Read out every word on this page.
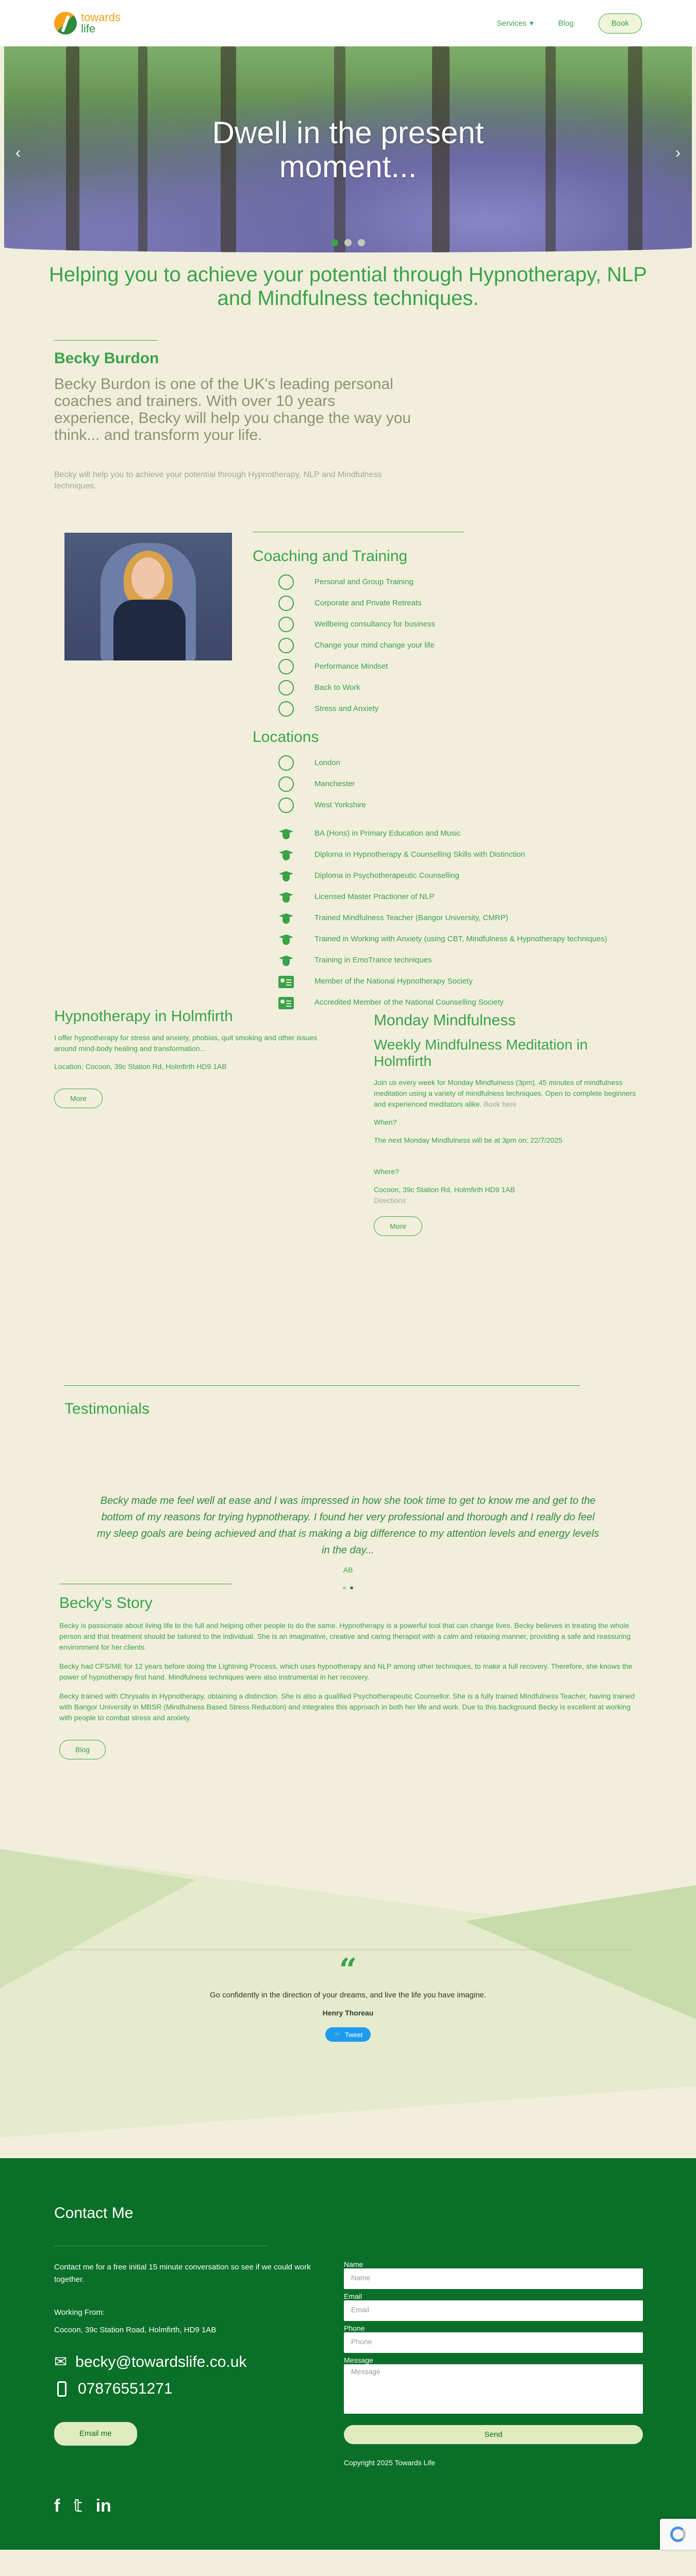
towards
life	Services ▾	Blog	Book
Dwell in the present
moment...
‹	›
Helping you to achieve your potential through Hypnotherapy, NLP and Mindfulness techniques.
Becky Burdon

Becky Burdon is one of the UK's leading personal coaches and trainers. With over 10 years experience, Becky will help you change the way you think... and transform your life.

Becky will help you to achieve your potential through Hypnotherapy, NLP and Mindfulness techniques.

Coaching and Training
Personal and Group Training
Corporate and Private Retreats
Wellbeing consultancy for business
Change your mind change your life
Performance Mindset
Back to Work
Stress and Anxiety
Locations
London
Manchester
West Yorkshire
BA (Hons) in Primary Education and Music
Diploma in Hypnotherapy & Counselling Skills with Distinction
Diploma in Psychotherapeutic Counselling
Licensed Master Practioner of NLP
Trained Mindfulness Teacher (Bangor University, CMRP)
Trained in Working with Anxiety (using CBT, Mindfulness & Hypnotherapy techniques)
Training in EmoTrance techniques
Member of the National Hypnotherapy Society
Accredited Member of the National Counselling Society
Hypnotherapy in Holmfirth

I offer hypnotherapy for stress and anxiety, phobias, quit smoking and other issues around mind-body healing and transformation...

Location: Cocoon, 39c Station Rd, Holmfirth HD9 1AB

More
Monday Mindfulness
Weekly Mindfulness Meditation in Holmfirth

Join us every week for Monday Mindfulness (3pm). 45 minutes of mindfulness meditation using a variety of mindfulness techniques. Open to complete beginners and experienced meditators alike. Book here

When?

The next Monday Mindfulness will be at 3pm on: 22/7/2025

Where?

Cocoon, 39c Station Rd, Holmfirth HD9 1AB
Directions

More
Testimonials

Becky made me feel well at ease and I was impressed in how she took time to get to know me and get to the bottom of my reasons for trying hypnotherapy. I found her very professional and thorough and I really do feel my sleep goals are being achieved and that is making a big difference to my attention levels and energy levels in the day...

AB

Becky's Story

Becky is passionate about living life to the full and helping other people to do the same. Hypnotherapy is a powerful tool that can change lives. Becky believes in treating the whole person and that treatment should be tailored to the individual. She is an imaginative, creative and caring therapist with a calm and relaxing manner, providing a safe and reassuring environment for her clients.

Becky had CFS/ME for 12 years before doing the Lightning Process, which uses hypnotherapy and NLP among other techniques, to make a full recovery. Therefore, she knows the power of hypnotherapy first hand. Mindfulness techniques were also instrumental in her recovery.

Becky trained with Chrysalis in Hypnotherapy, obtaining a distinction. She is also a qualified Psychotherapeutic Counsellor. She is a fully trained Mindfulness Teacher, having trained with Bangor University in MBSR (Mindfulness Based Stress Reduction) and integrates this approach in both her life and work. Due to this background Becky is excellent at working with people to combat stress and anxiety.

Blog
“

Go confidently in the direction of your dreams, and live the life you have imagine.

Henry Thoreau

🐦 Tweet
Contact Me

Contact me for a free initial 15 minute conversation so see if we could work together.

Working From:

Cocoon, 39c Station Road, Holmfirth, HD9 1AB

✉ becky@towardslife.co.uk
07876551271
Email me
f 𝕥 in
Name
Name
Email
Email
Phone
Phone
Message
Message
Send

Copyright 2025 Towards Life
